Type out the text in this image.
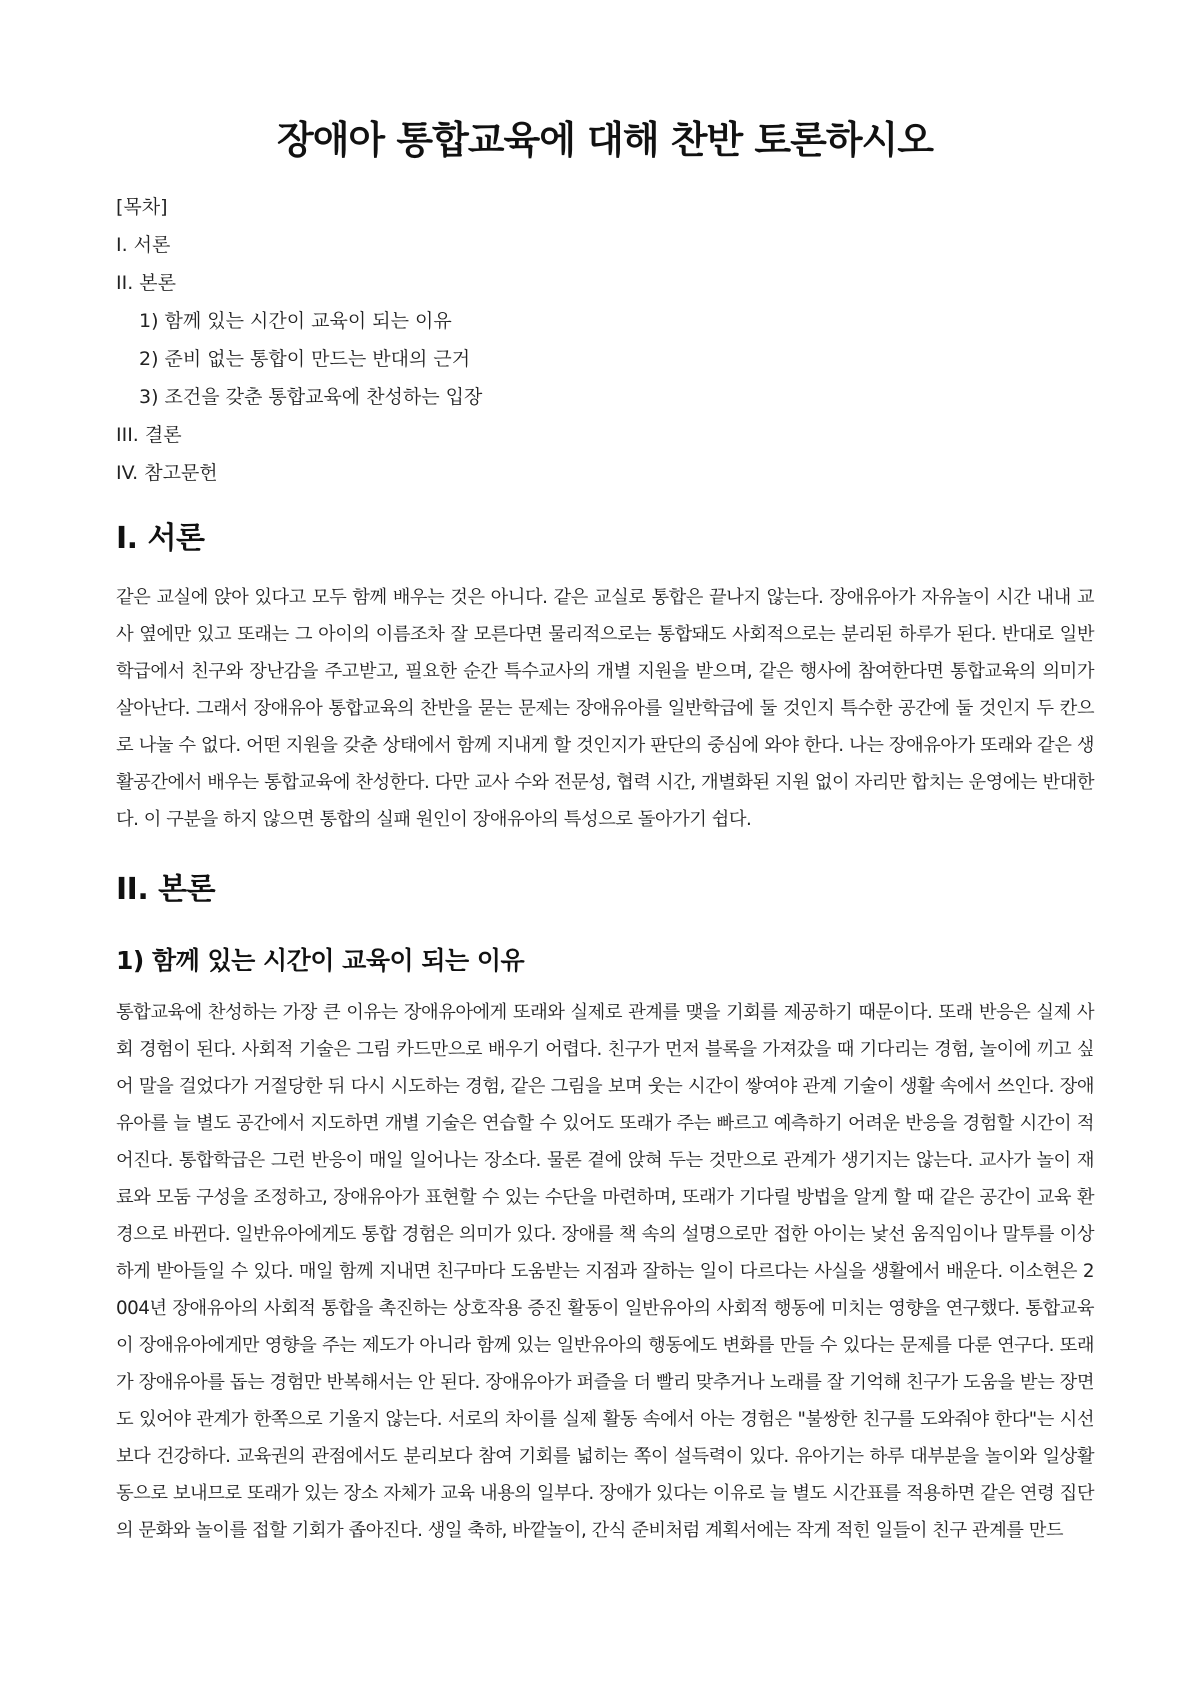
장애아 통합교육에 대해 찬반 토론하시오
[목차]
I. 서론
II. 본론
1) 함께 있는 시간이 교육이 되는 이유
2) 준비 없는 통합이 만드는 반대의 근거
3) 조건을 갖춘 통합교육에 찬성하는 입장
III. 결론
IV. 참고문헌
I. 서론

같은 교실에 앉아 있다고 모두 함께 배우는 것은 아니다. 같은 교실로 통합은 끝나지 않는다. 장애유아가 자유놀이 시간 내내 교사 옆에만 있고 또래는 그 아이의 이름조차 잘 모른다면 물리적으로는 통합돼도 사회적으로는 분리된 하루가 된다. 반대로 일반학급에서 친구와 장난감을 주고받고, 필요한 순간 특수교사의 개별 지원을 받으며, 같은 행사에 참여한다면 통합교육의 의미가 살아난다. 그래서 장애유아 통합교육의 찬반을 묻는 문제는 장애유아를 일반학급에 둘 것인지 특수한 공간에 둘 것인지 두 칸으로 나눌 수 없다. 어떤 지원을 갖춘 상태에서 함께 지내게 할 것인지가 판단의 중심에 와야 한다. 나는 장애유아가 또래와 같은 생활공간에서 배우는 통합교육에 찬성한다. 다만 교사 수와 전문성, 협력 시간, 개별화된 지원 없이 자리만 합치는 운영에는 반대한다. 이 구분을 하지 않으면 통합의 실패 원인이 장애유아의 특성으로 돌아가기 쉽다.

II. 본론
1) 함께 있는 시간이 교육이 되는 이유

통합교육에 찬성하는 가장 큰 이유는 장애유아에게 또래와 실제로 관계를 맺을 기회를 제공하기 때문이다. 또래 반응은 실제 사회 경험이 된다. 사회적 기술은 그림 카드만으로 배우기 어렵다. 친구가 먼저 블록을 가져갔을 때 기다리는 경험, 놀이에 끼고 싶어 말을 걸었다가 거절당한 뒤 다시 시도하는 경험, 같은 그림을 보며 웃는 시간이 쌓여야 관계 기술이 생활 속에서 쓰인다. 장애유아를 늘 별도 공간에서 지도하면 개별 기술은 연습할 수 있어도 또래가 주는 빠르고 예측하기 어려운 반응을 경험할 시간이 적어진다. 통합학급은 그런 반응이 매일 일어나는 장소다. 물론 곁에 앉혀 두는 것만으로 관계가 생기지는 않는다. 교사가 놀이 재료와 모둠 구성을 조정하고, 장애유아가 표현할 수 있는 수단을 마련하며, 또래가 기다릴 방법을 알게 할 때 같은 공간이 교육 환경으로 바뀐다. 일반유아에게도 통합 경험은 의미가 있다. 장애를 책 속의 설명으로만 접한 아이는 낯선 움직임이나 말투를 이상하게 받아들일 수 있다. 매일 함께 지내면 친구마다 도움받는 지점과 잘하는 일이 다르다는 사실을 생활에서 배운다. 이소현은 2004년 장애유아의 사회적 통합을 촉진하는 상호작용 증진 활동이 일반유아의 사회적 행동에 미치는 영향을 연구했다. 통합교육이 장애유아에게만 영향을 주는 제도가 아니라 함께 있는 일반유아의 행동에도 변화를 만들 수 있다는 문제를 다룬 연구다. 또래가 장애유아를 돕는 경험만 반복해서는 안 된다. 장애유아가 퍼즐을 더 빨리 맞추거나 노래를 잘 기억해 친구가 도움을 받는 장면도 있어야 관계가 한쪽으로 기울지 않는다. 서로의 차이를 실제 활동 속에서 아는 경험은 "불쌍한 친구를 도와줘야 한다"는 시선보다 건강하다. 교육권의 관점에서도 분리보다 참여 기회를 넓히는 쪽이 설득력이 있다. 유아기는 하루 대부분을 놀이와 일상활동으로 보내므로 또래가 있는 장소 자체가 교육 내용의 일부다. 장애가 있다는 이유로 늘 별도 시간표를 적용하면 같은 연령 집단의 문화와 놀이를 접할 기회가 좁아진다. 생일 축하, 바깥놀이, 간식 준비처럼 계획서에는 작게 적힌 일들이 친구 관계를 만드
